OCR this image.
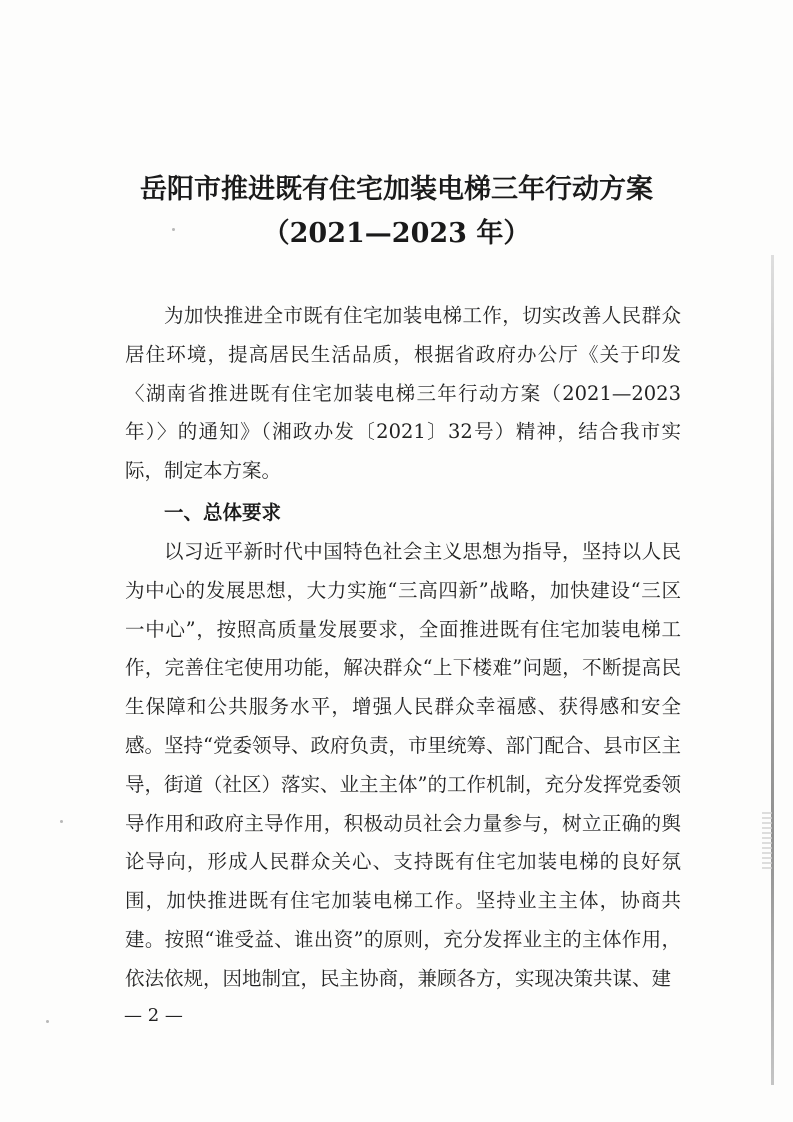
岳阳市推进既有住宅加装电梯三年行动方案
（2021—2023 年）
为加快推进全市既有住宅加装电梯工作，切实改善人民群众居住环境，提高居民生活品质，根据省政府办公厅《关于印发〈湖南省推进既有住宅加装电梯三年行动方案（2021—2023年）〉的通知》（湘政办发〔2021〕32号）精神，结合我市实际，制定本方案。
一、总体要求
以习近平新时代中国特色社会主义思想为指导，坚持以人民为中心的发展思想，大力实施“三高四新”战略，加快建设“三区一中心”，按照高质量发展要求，全面推进既有住宅加装电梯工作，完善住宅使用功能，解决群众“上下楼难”问题，不断提高民生保障和公共服务水平，增强人民群众幸福感、获得感和安全感。 坚持“党委领导、政府负责，市里统筹、部门配合、县市区主导，街道（社区）落实、业主主体”的工作机制，充分发挥党委领导作用和政府主导作用，积极动员社会力量参与，树立正确的舆论导向，形成人民群众关心、支持既有住宅加装电梯的良好氛围，加快推进既有住宅加装电梯工作。坚持业主主体，协商共建。按照“谁受益、谁出资”的原则，充分发挥业主的主体作用，依法依规，因地制宜，民主协商，兼顾各方，实现决策共谋、建
— 2 —
